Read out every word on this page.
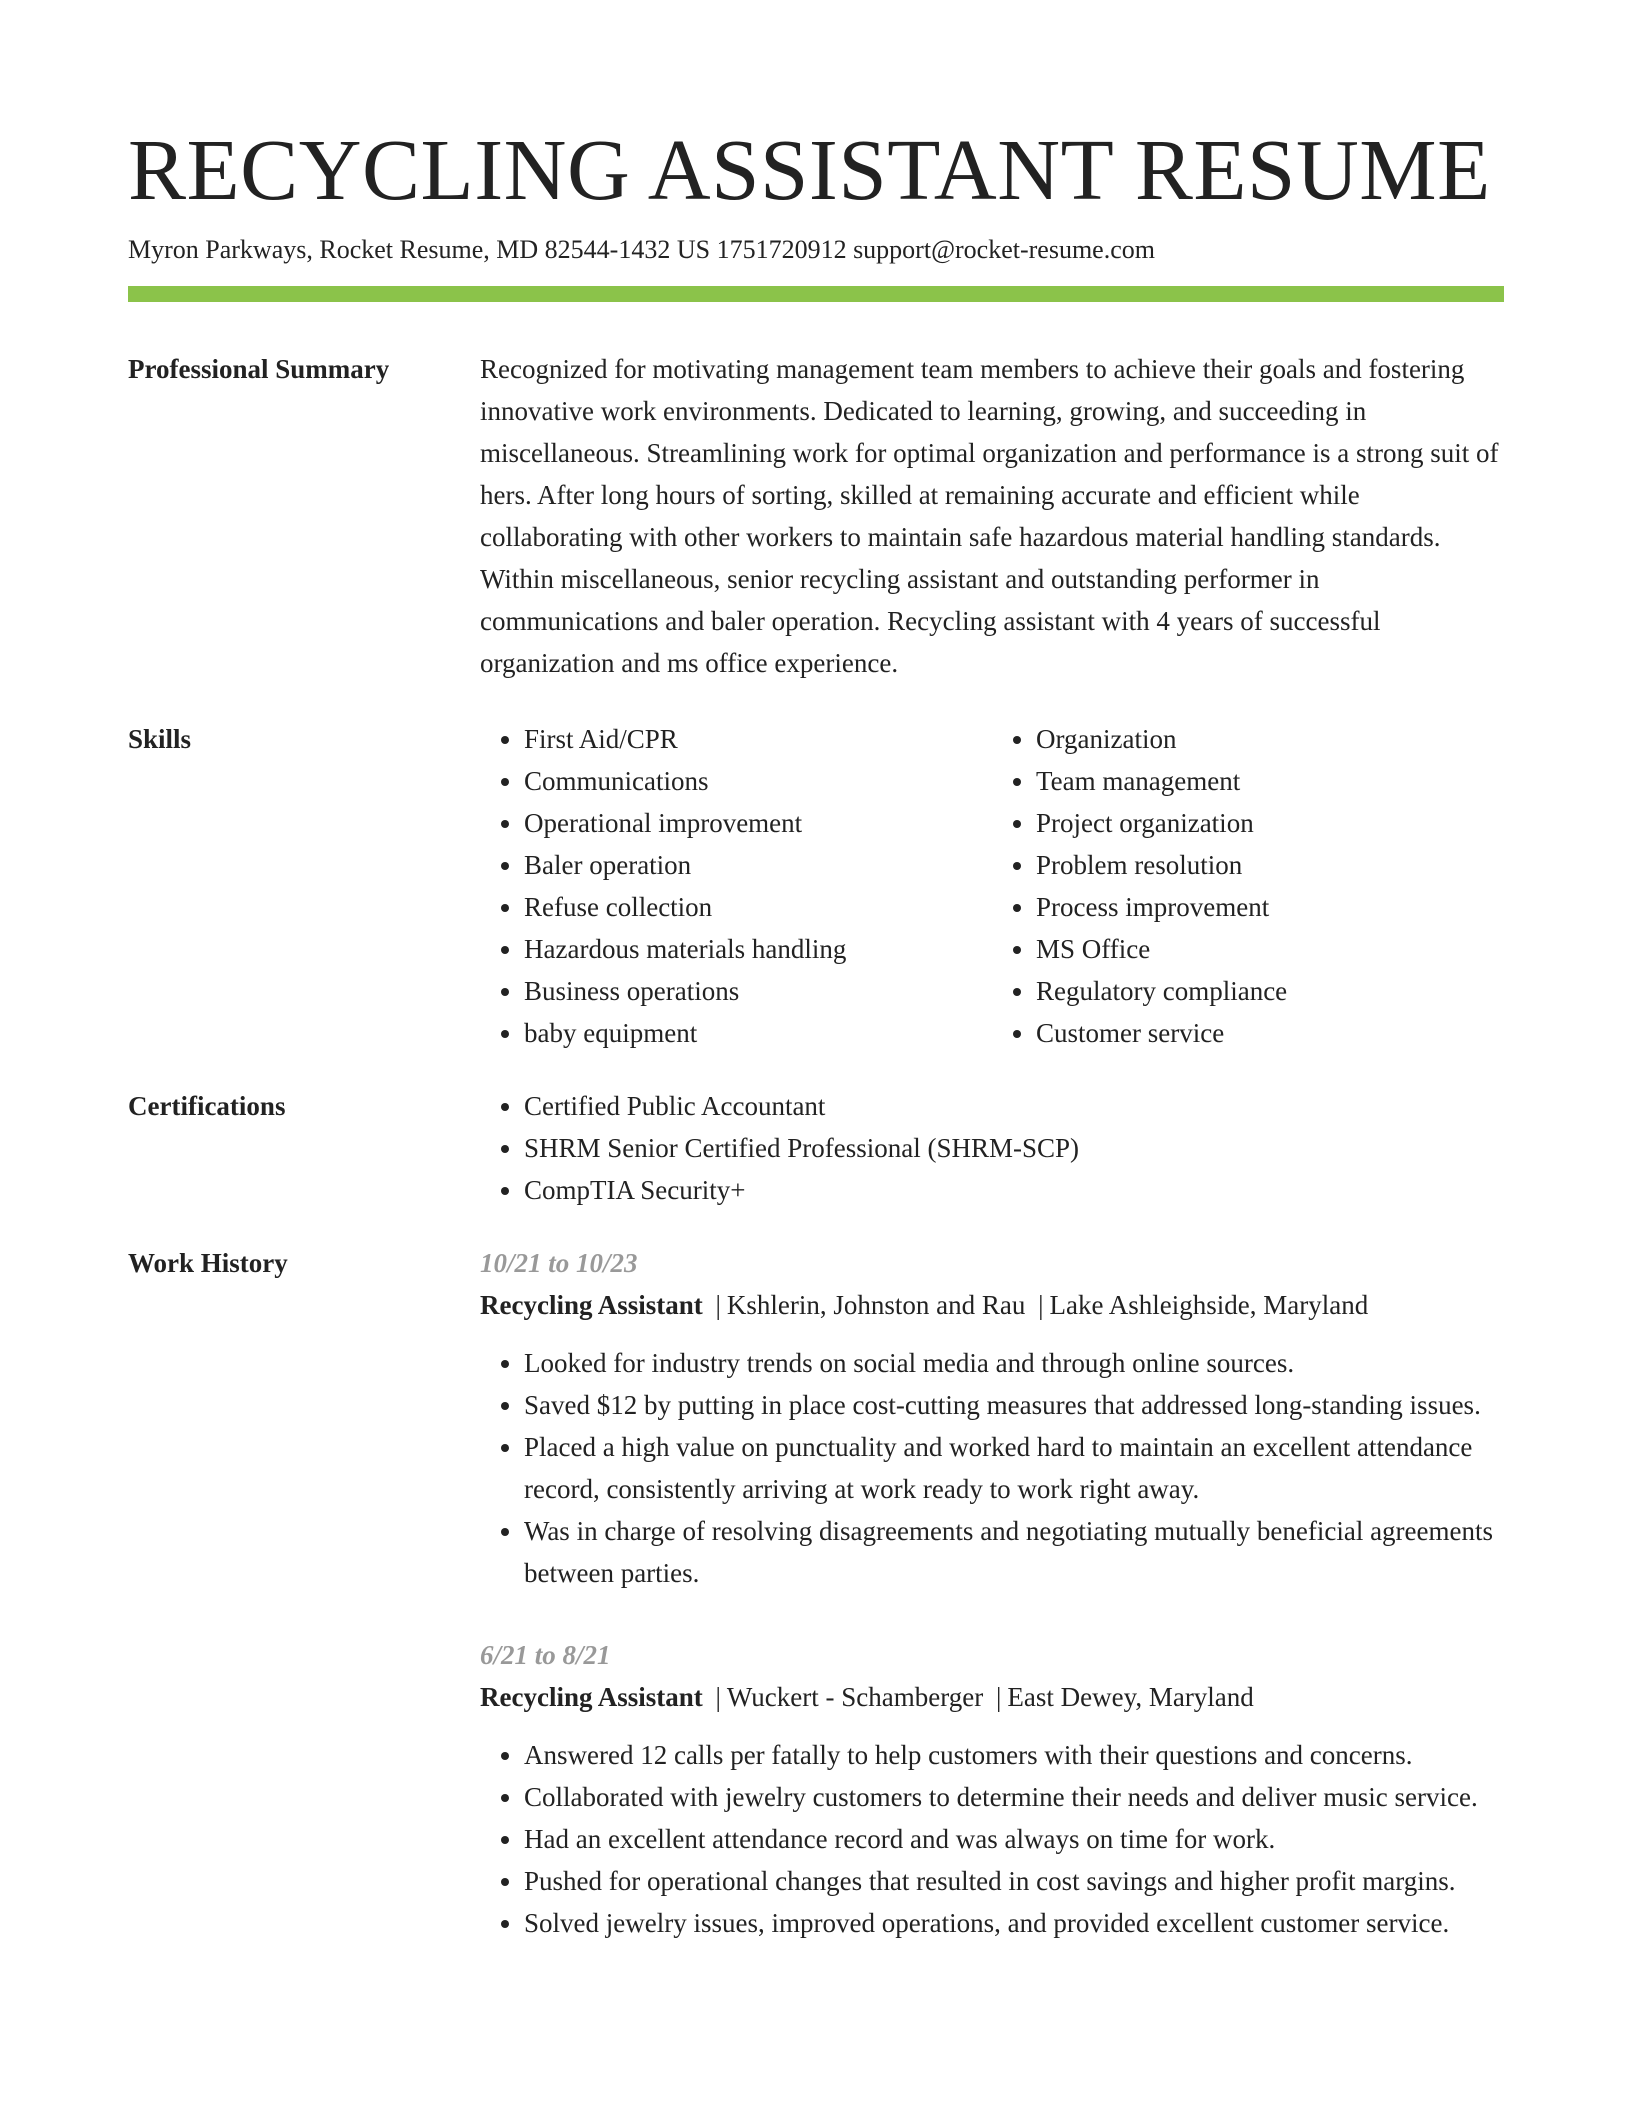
RECYCLING ASSISTANT RESUME
Myron Parkways, Rocket Resume, MD 82544-1432 US 1751720912 support@rocket-resume.com
Professional Summary	Recognized for motivating management team members to achieve their goals and fostering innovative work environments. Dedicated to learning, growing, and succeeding in miscellaneous. Streamlining work for optimal organization and performance is a strong suit of hers. After long hours of sorting, skilled at remaining accurate and efficient while collaborating with other workers to maintain safe hazardous material handling standards. Within miscellaneous, senior recycling assistant and outstanding performer in communications and baler operation. Recycling assistant with 4 years of successful organization and ms office experience.

Skills	• First Aid/CPR
• Communications
• Operational improvement
• Baler operation
• Refuse collection
• Hazardous materials handling
• Business operations
• baby equipment
• Organization
• Team management
• Project organization
• Problem resolution
• Process improvement
• MS Office
• Regulatory compliance
• Customer service
Certifications	• Certified Public Accountant
• SHRM Senior Certified Professional (SHRM-SCP)
• CompTIA Security+
Work History	10/21 to 10/23
Recycling Assistant | Kshlerin, Johnston and Rau | Lake Ashleighside, Maryland
• Looked for industry trends on social media and through online sources.
• Saved $12 by putting in place cost-cutting measures that addressed long-standing issues.
• Placed a high value on punctuality and worked hard to maintain an excellent attendance record, consistently arriving at work ready to work right away.
• Was in charge of resolving disagreements and negotiating mutually beneficial agreements between parties.
6/21 to 8/21
Recycling Assistant | Wuckert - Schamberger | East Dewey, Maryland
• Answered 12 calls per fatally to help customers with their questions and concerns.
• Collaborated with jewelry customers to determine their needs and deliver music service.
• Had an excellent attendance record and was always on time for work.
• Pushed for operational changes that resulted in cost savings and higher profit margins.
• Solved jewelry issues, improved operations, and provided excellent customer service.
